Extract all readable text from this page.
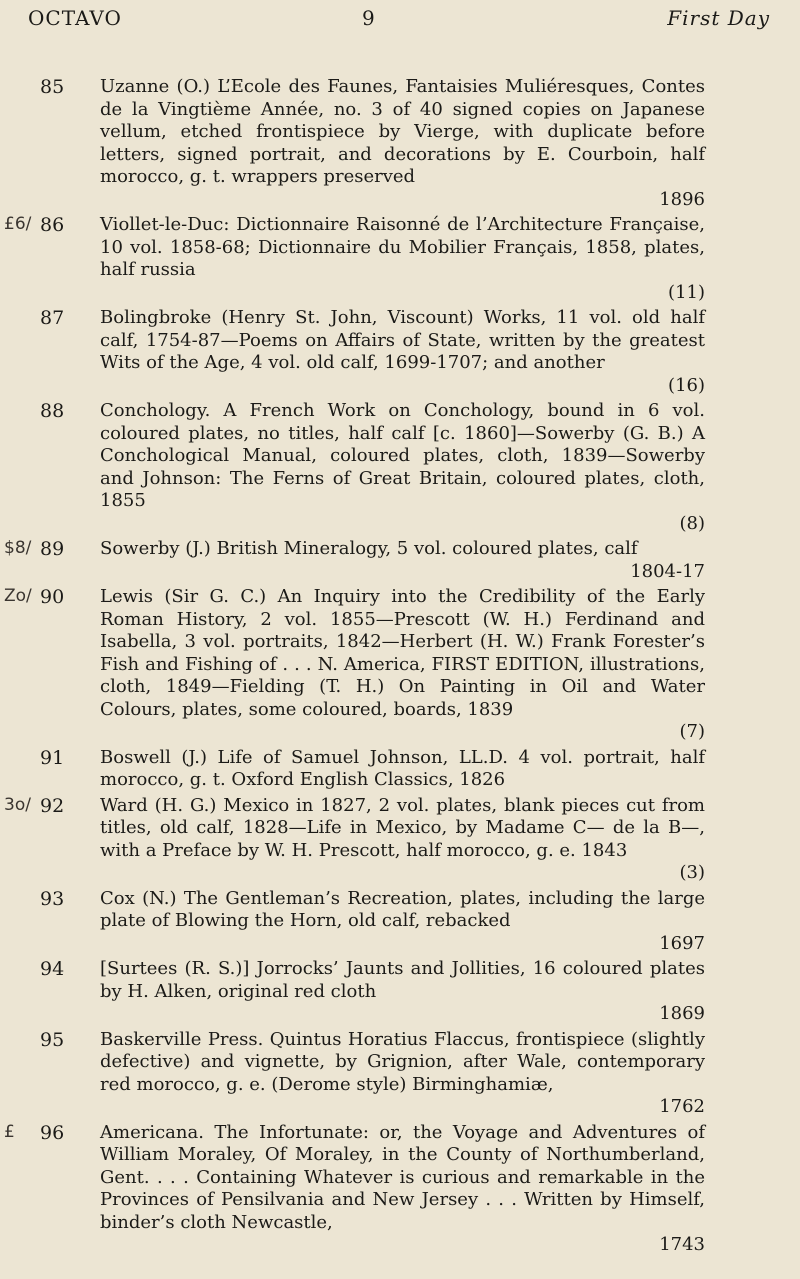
OCTAVO	9	First Day
85	Uzanne (O.) L’Ecole des Faunes, Fantaisies Muliéresques, Contes de la Vingtième Année, no. 3 of 40 signed copies on Japanese vellum, etched frontispiece by Vierge, with duplicate before letters, signed portrait, and decorations by E. Courboin, half morocco, g. t. wrappers preserved
1896
£6/ 86	Viollet-le-Duc: Dictionnaire Raisonné de l’Architecture Française, 10 vol. 1858-68; Dictionnaire du Mobilier Français, 1858, plates, half russia
(11)
87	Bolingbroke (Henry St. John, Viscount) Works, 11 vol. old half calf, 1754-87—Poems on Affairs of State, written by the greatest Wits of the Age, 4 vol. old calf, 1699-1707; and another
(16)
88	Conchology. A French Work on Conchology, bound in 6 vol. coloured plates, no titles, half calf [c. 1860]—Sowerby (G. B.) A Conchological Manual, coloured plates, cloth, 1839—Sowerby and Johnson: The Ferns of Great Britain, coloured plates, cloth, 1855
(8)
$8/ 89	Sowerby (J.) British Mineralogy, 5 vol. coloured plates, calf
1804-17
Zo/ 90	Lewis (Sir G. C.) An Inquiry into the Credibility of the Early Roman History, 2 vol. 1855—Prescott (W. H.) Ferdinand and Isabella, 3 vol. portraits, 1842—Herbert (H. W.) Frank Forester’s Fish and Fishing of . . . N. America, FIRST EDITION, illustrations, cloth, 1849—Fielding (T. H.) On Painting in Oil and Water Colours, plates, some coloured, boards, 1839
(7)
91	Boswell (J.) Life of Samuel Johnson, LL.D. 4 vol. portrait, half morocco, g. t. Oxford English Classics, 1826
3o/ 92	Ward (H. G.) Mexico in 1827, 2 vol. plates, blank pieces cut from titles, old calf, 1828—Life in Mexico, by Madame C— de la B—, with a Preface by W. H. Prescott, half morocco, g. e. 1843
(3)
93	Cox (N.) The Gentleman’s Recreation, plates, including the large plate of Blowing the Horn, old calf, rebacked
1697
94	[Surtees (R. S.)] Jorrocks’ Jaunts and Jollities, 16 coloured plates by H. Alken, original red cloth
1869
95	Baskerville Press. Quintus Horatius Flaccus, frontispiece (slightly defective) and vignette, by Grignion, after Wale, contemporary red morocco, g. e. (Derome style) Birminghamiæ,
1762
£ 96	Americana. The Infortunate: or, the Voyage and Adventures of William Moraley, Of Moraley, in the County of Northumberland, Gent. . . . Containing Whatever is curious and remarkable in the Provinces of Pensilvania and New Jersey . . . Written by Himself, binder’s cloth Newcastle,
1743
